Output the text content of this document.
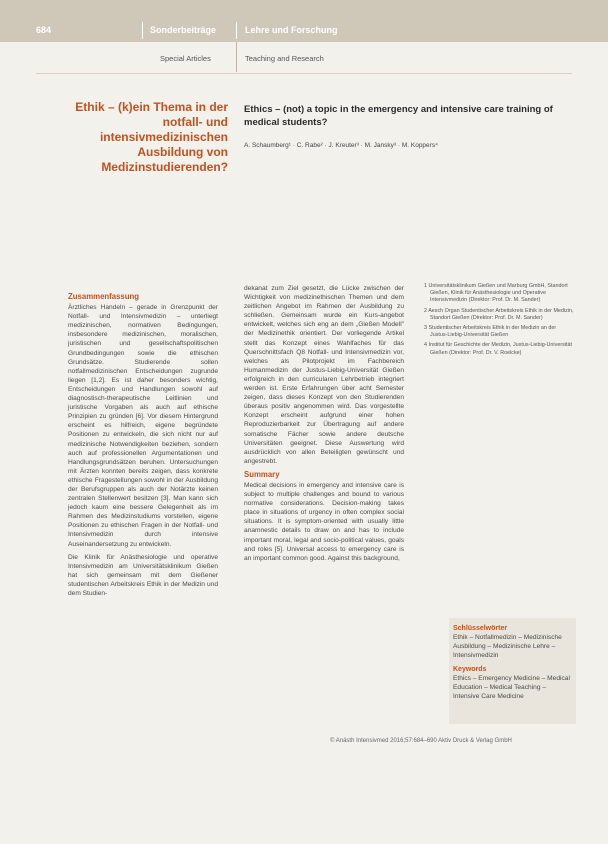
684	Sonderbeiträge	Lehre und Forschung
Special Articles	Teaching and Research
Ethik – (k)ein Thema in der notfall- und intensivmedizinischen Ausbildung von Medizinstudierenden?
Ethics – (not) a topic in the emergency and intensive care training of medical students?
A. Schaumberg¹ · C. Rabe² · J. Kreuter³ · M. Jansky³ · M. Koppers⁴
Zusammenfassung

Ärztliches Handeln – gerade in Grenzpunkt der Notfall- und Intensivmedizin – unterliegt medizinischen, normativen Bedingungen, insbesondere medizinischen, moralischen, juristischen und gesellschaftspolitischen Grundbedingungen sowie die ethischen Grundsätze. Studierende sollen notfallmedizinischen Entscheidungen zugrunde liegen [1,2]. Es ist daher besonders wichtig, Entscheidungen und Handlungen sowohl auf diagnostisch-therapeutische Leitlinien und juristische Vorgaben als auch auf ethische Prinzipien zu gründen [6]. Vor diesem Hintergrund erscheint es hilfreich, eigene begründete Positionen zu entwickeln, die sich nicht nur auf medizinische Notwendigkeiten beziehen, sondern auch auf professionellen Argumentationen und Handlungsgrundsätzen beruhen. Untersuchungen mit Ärzten konnten bereits zeigen, dass konkrete ethische Fragestellungen sowohl in der Ausbildung der Berufsgruppen als auch der Notärzte keinen zentralen Stellenwert besitzen [3]. Man kann sich jedoch kaum eine bessere Gelegenheit als im Rahmen des Medizinstudiums vorstellen, eigene Positionen zu ethischen Fragen in der Notfall- und Intensivmedizin durch intensive Auseinandersetzung zu entwickeln.

Die Klinik für Anästhesiologie und operative Intensivmedizin am Universitätsklinikum Gießen hat sich gemeinsam mit dem Gießener studentischen Arbeitskreis Ethik in der Medizin und dem Studien-

dekanat zum Ziel gesetzt, die Lücke zwischen der Wichtigkeit von medizinethischen Themen und dem zeitlichen Angebot im Rahmen der Ausbildung zu schließen. Gemeinsam wurde ein Kurs-angebot entwickelt, welches sich eng an dem „Gießen Modell" der Medizinethik orientiert. Der vorliegende Artikel stellt das Konzept eines Wahlfaches für das Querschnittsfach Q8 Notfall- und Intensivmedizin vor, welches als Pilotprojekt im Fachbereich Humanmedizin der Justus-Liebig-Universität Gießen erfolgreich in den curricularen Lehrbetrieb integriert werden ist. Erste Erfahrungen über acht Semester zeigen, dass dieses Konzept von den Studierenden überaus positiv angenommen wird. Das vorgestellte Konzept erscheint aufgrund einer hohen Reproduzierbarkeit zur Übertragung auf andere somatische Fächer sowie andere deutsche Universitäten geeignet. Diese Auswertung wird ausdrücklich von allen Beteiligten gewünscht und angestrebt.

Summary

Medical decisions in emergency and intensive care is subject to multiple challenges and bound to various normative considerations. Decision-making takes place in situations of urgency in often complex social situations. It is symptom-oriented with usually little anamnestic details to draw on and has to include important moral, legal and socio-political values, goals and roles [5]. Universal access to emergency care is an important common good. Against this background,

1 Universitätsklinikum Gießen und Marburg GmbH, Standort Gießen, Klinik für Anästhesiologie und Operative Intensivmedizin (Direktor: Prof. Dr. M. Sander)
2 Aesch Organ Studentischer Arbeitskreis Ethik in der Medizin, Standort Gießen (Direktor: Prof. Dr. M. Sander)
3 Studentischer Arbeitskreis Ethik in der Medizin an der Justus-Liebig-Universität Gießen
4 Institut für Geschichte der Medizin, Justus-Liebig-Universität Gießen (Direktor: Prof. Dr. V. Roelcke)
Schlüsselwörter
Ethik – Notfallmedizin – Medizinische Ausbildung – Medizinische Lehre – Intensivmedizin
Keywords
Ethics – Emergency Medicine – Medical Education – Medical Teaching – Intensive Care Medicine
© Anästh Intensivmed 2016;57:684–690 Aktiv Druck & Verlag GmbH
